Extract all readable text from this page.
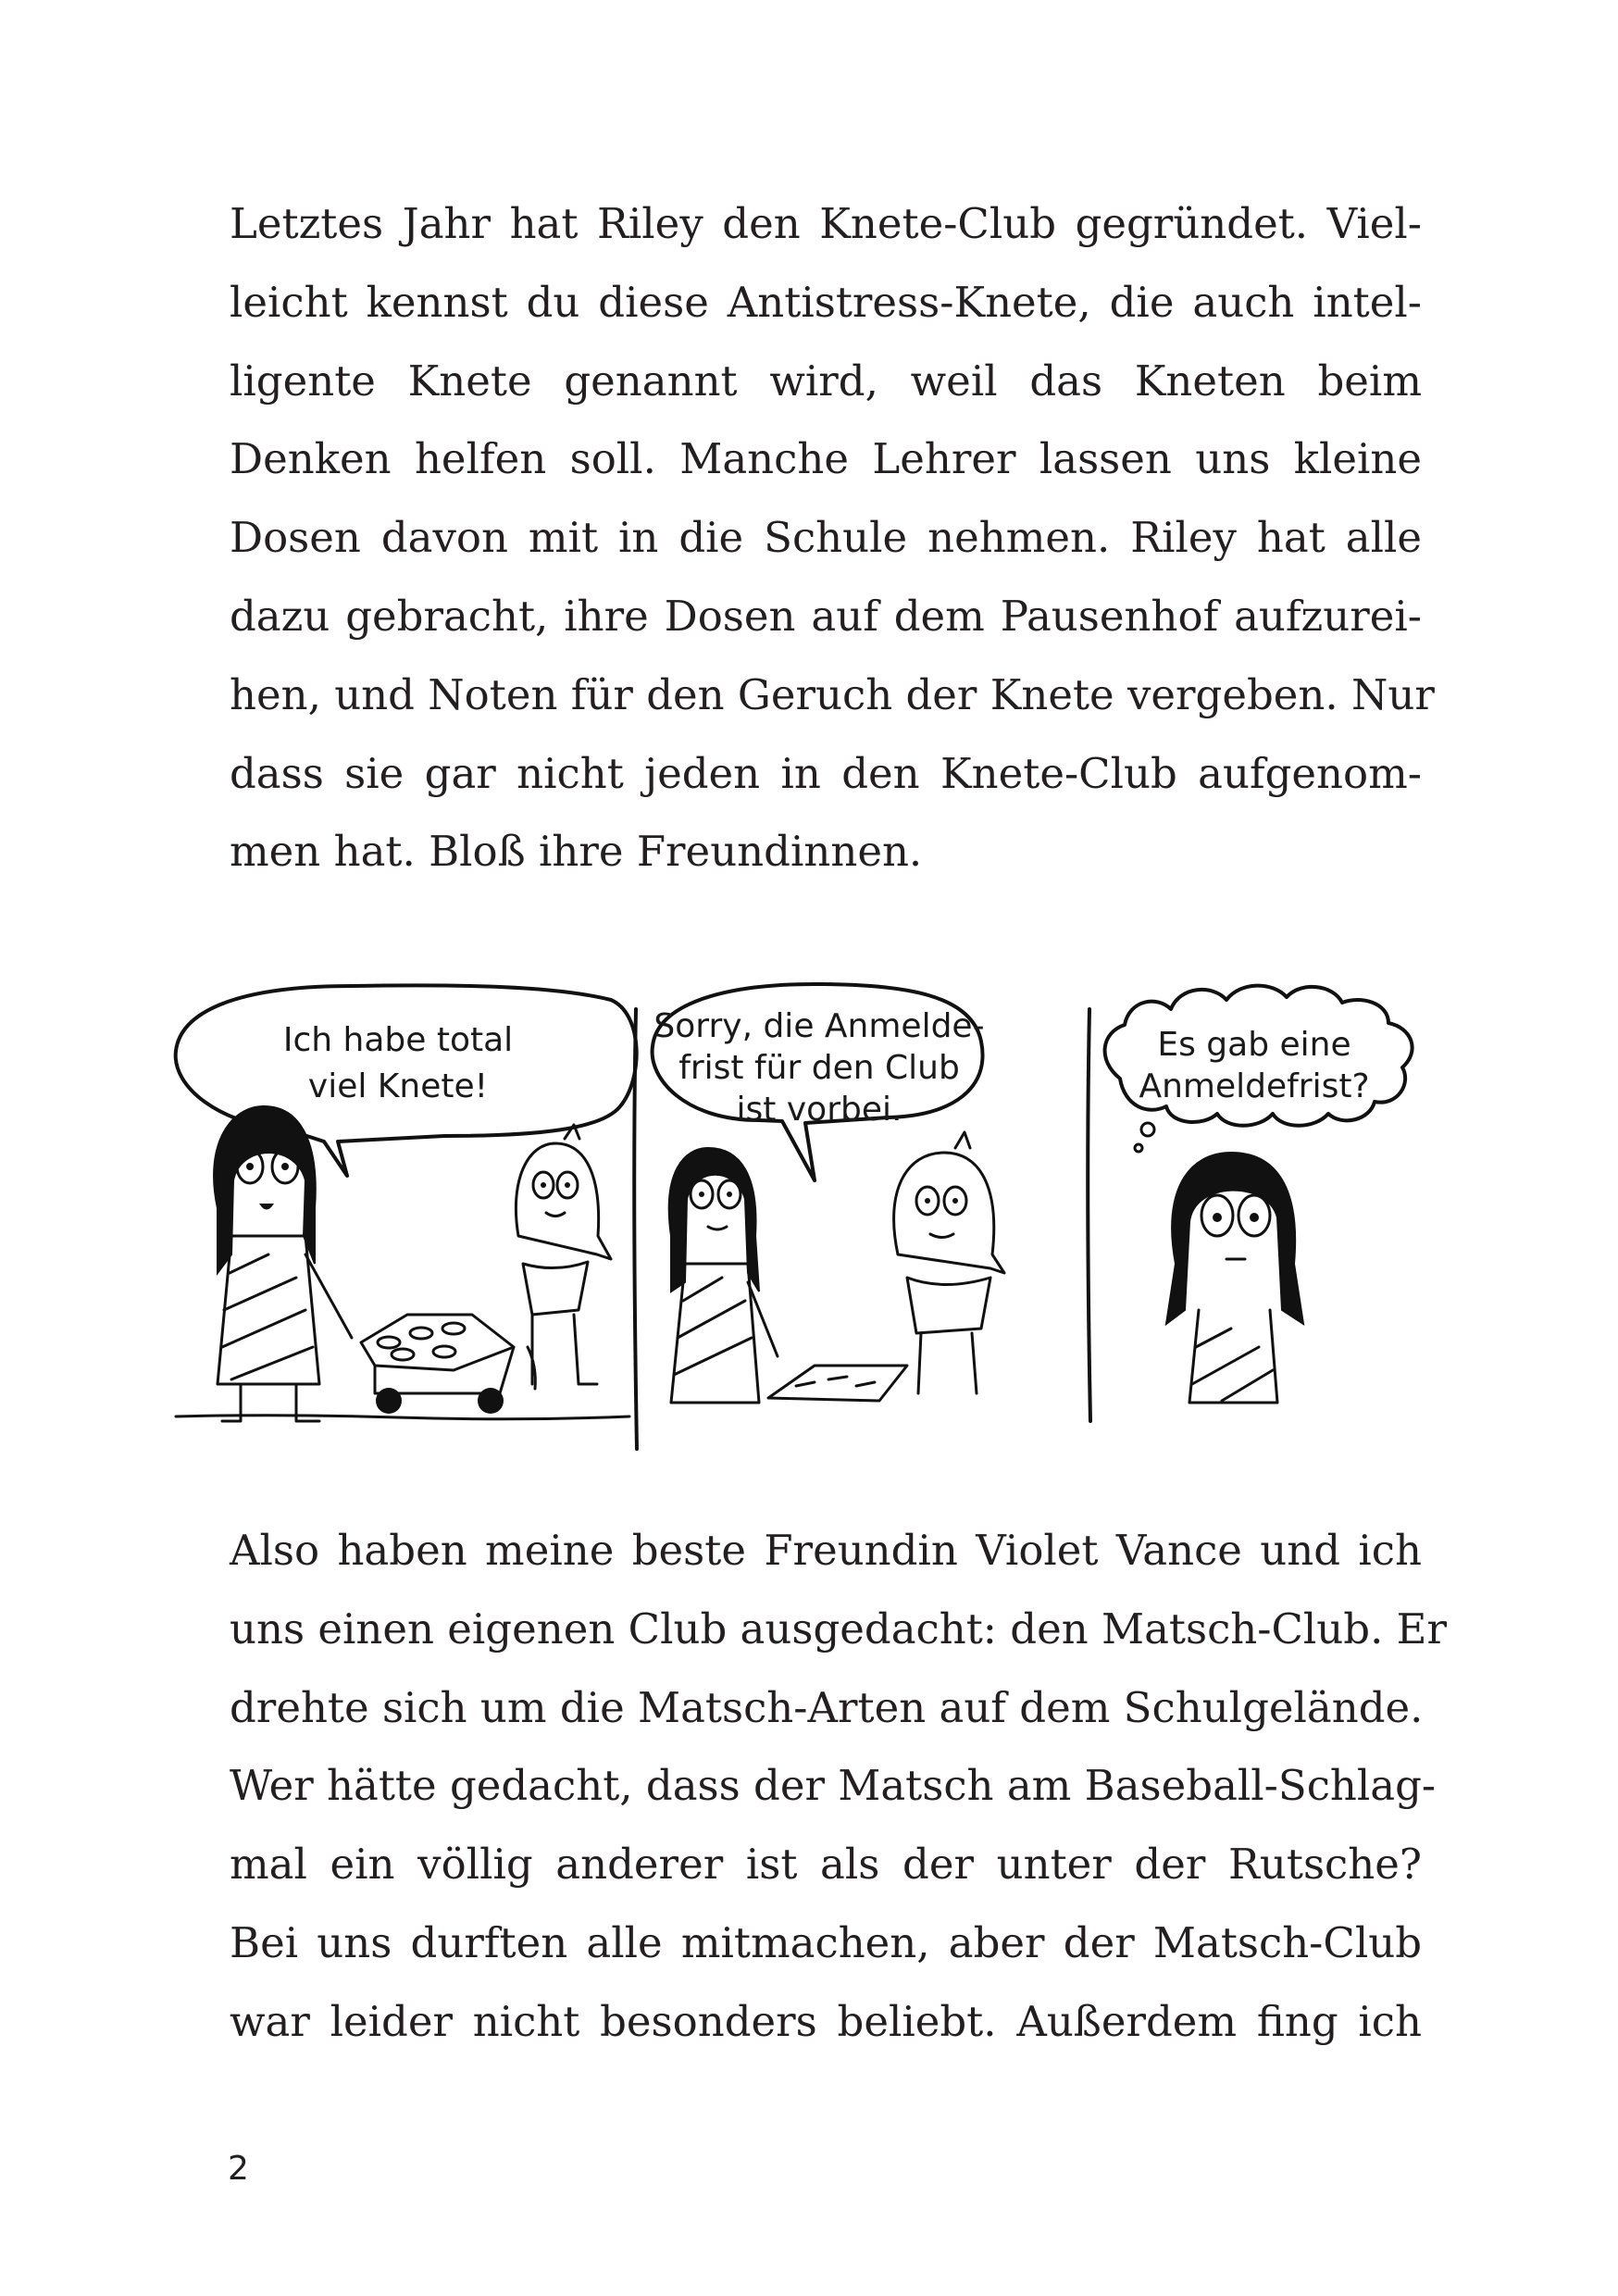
Letztes Jahr hat Riley den Knete-Club gegründet. Viel-
leicht kennst du diese Antistress-Knete, die auch intel-
ligente Knete genannt wird, weil das Kneten beim
Denken helfen soll. Manche Lehrer lassen uns kleine
Dosen davon mit in die Schule nehmen. Riley hat alle
dazu gebracht, ihre Dosen auf dem Pausenhof aufzurei-
hen, und Noten für den Geruch der Knete vergeben. Nur
dass sie gar nicht jeden in den Knete-Club aufgenom-
men hat. Bloß ihre Freundinnen.
Ich habe total
viel Knete!
Sorry, die Anmelde-
frist für den Club
ist vorbei.
Es gab eine
Anmeldefrist?
Also haben meine beste Freundin Violet Vance und ich
uns einen eigenen Club ausgedacht: den Matsch-Club. Er
drehte sich um die Matsch-Arten auf dem Schulgelände.
Wer hätte gedacht, dass der Matsch am Baseball-Schlag-
mal ein völlig anderer ist als der unter der Rutsche?
Bei uns durften alle mitmachen, aber der Matsch-Club
war leider nicht besonders beliebt. Außerdem fing ich
2
